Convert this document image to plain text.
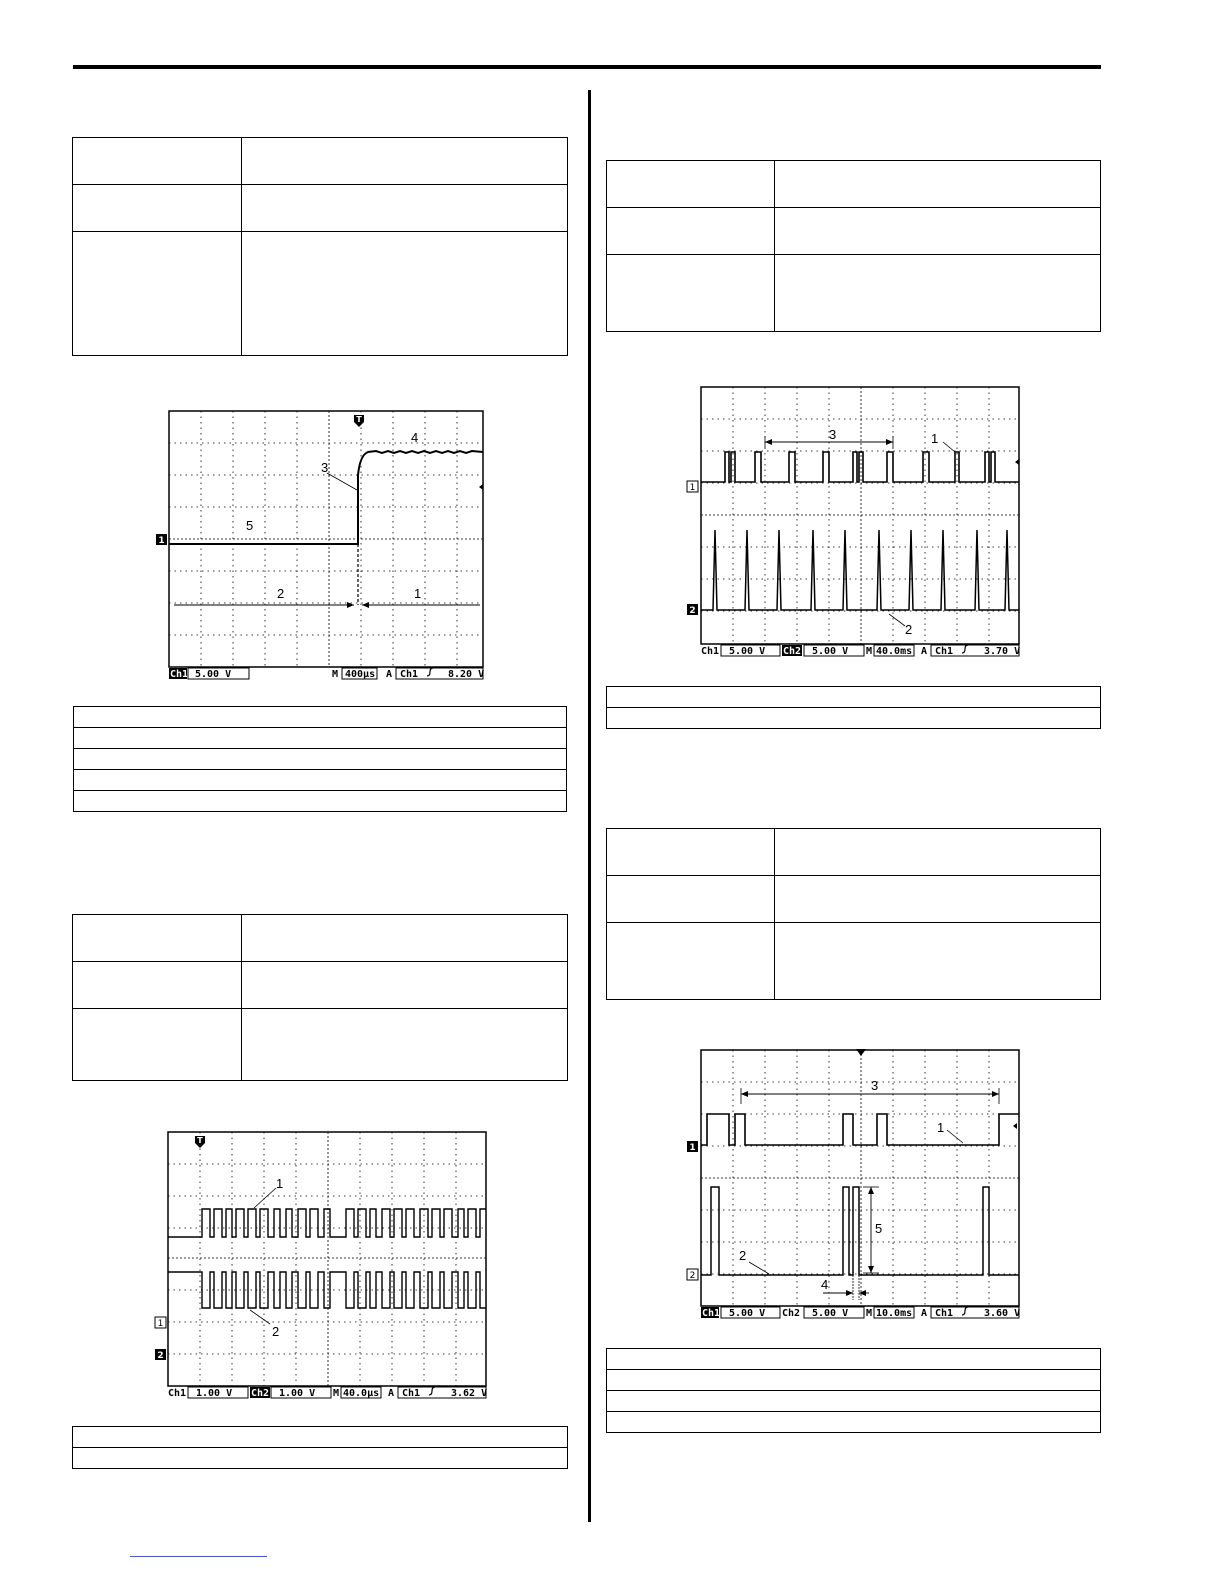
T
1
4
3
5
2	1
Ch1 5.00 V	M 400µs A Ch1	8.20 V

T
1
2
1
2
Ch1 1.00 V Ch2 1.00 V M 40.0µs A Ch1	3.62 V

1
2
3	1
2
Ch1 5.00 V Ch2 5.00 V M 40.0ms A Ch1	3.70 V

1
2
3
1
5
2
4
Ch1 5.00 V Ch2 5.00 V M 10.0ms A Ch1	3.60 V
